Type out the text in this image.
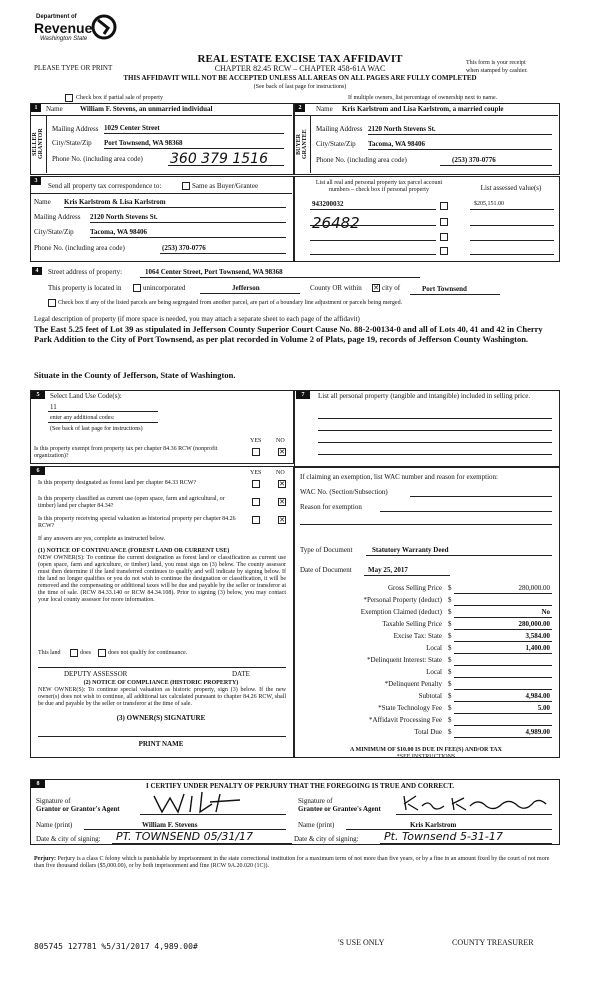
Department of
Revenue
Washington State
PLEASE TYPE OR PRINT
REAL ESTATE EXCISE TAX AFFIDAVIT
CHAPTER 82.45 RCW – CHAPTER 458-61A WAC
THIS AFFIDAVIT WILL NOT BE ACCEPTED UNLESS ALL AREAS ON ALL PAGES ARE FULLY COMPLETED
(See back of last page for instructions)
This form is your receipt
when stamped by cashier.
Check box if partial sale of property	If multiple owners, list percentage of ownership next to name.
1	Name William F. Stevens, an unmarried individual
SELLER GRANTOR Mailing Address 1029 Center Street
City/State/Zip Port Townsend, WA 98368
Phone No. (including area code) 360 379 1516
2	Name Kris Karlstrom and Lisa Karlstrom, a married couple
BUYER GRANTEE
Mailing Address 2120 North Stevens St.
City/State/Zip Tacoma, WA 98406
Phone No. (including area code)	(253) 370-0776
3
Send all property tax correspondence to:	Same as Buyer/Grantee
Name Kris Karlstrom & Lisa Karlstrom
Mailing Address 2120 North Stevens St.
City/State/Zip Tacoma, WA 98406
Phone No. (including area code)	(253) 370-0776
List all real and personal property tax parcel account
numbers – check box if personal property	List assessed value(s)
943200032	$205,151.00
26482
4	Street address of property:	1064 Center Street, Port Townsend, WA 98368
This property is located in	unincorporated	Jefferson	County OR within ✕ city of	Port Townsend
Check box if any of the listed parcels are being segregated from another parcel, are part of a boundary line adjustment or parcels being merged.
Legal description of property (if more space is needed, you may attach a separate sheet to each page of the affidavit)
The East 5.25 feet of Lot 39 as stipulated in Jefferson County Superior Court Cause No. 88-2-00134-0 and all of Lots 40, 41 and 42 in Cherry Park Addition to the City of Port Townsend, as per plat recorded in Volume 2 of Plats, page 19, records of Jefferson County Washington.
Situate in the County of Jefferson, State of Washington.
5	Select Land Use Code(s):
11
enter any additional codes:
(See back of last page for instructions)
YES NO
Is this property exempt from property tax per chapter 84.36 RCW (nonprofit organization)?	✕
7	List all personal property (tangible and intangible) included in selling price.
6	YES NO
Is this property designated as forest land per chapter 84.33 RCW?	✕
Is this property classified as current use (open space, farm and agricultural, or timber) land per chapter 84.34?	✕
Is this property receiving special valuation as historical property per chapter 84.26 RCW?
✕
If any answers are yes, complete as instructed below.
(1) NOTICE OF CONTINUANCE (FOREST LAND OR CURRENT USE)
NEW OWNER(S): To continue the current designation as forest land or classification as current use (open space, farm and agriculture, or timber) land, you must sign on (3) below. The county assessor must then determine if the land transferred continues to qualify and will indicate by signing below. If the land no longer qualifies or you do not wish to continue the designation or classification, it will be removed and the compensating or additional taxes will be due and payable by the seller or transferor at the time of sale. (RCW 84.33.140 or RCW 84.34.108). Prior to signing (3) below, you may contact your local county assessor for more information.
This land	does	does not qualify for continuance.
DEPUTY ASSESSOR	DATE
(2) NOTICE OF COMPLIANCE (HISTORIC PROPERTY)
NEW OWNER(S): To continue special valuation as historic property, sign (3) below. If the new owner(s) does not wish to continue, all additional tax calculated pursuant to chapter 84.26 RCW, shall be due and payable by the seller or transferor at the time of sale.
(3) OWNER(S) SIGNATURE
PRINT NAME
If claiming an exemption, list WAC number and reason for exemption:
WAC No. (Section/Subsection)
Reason for exemption
Type of Document	Statutory Warranty Deed
Date of Document May 25, 2017
Gross Selling Price $	280,000.00
*Personal Property (deduct) $
Exemption Claimed (deduct) $	No
Taxable Selling Price $	280,000.00
Excise Tax: State $	3,584.00
Local $	1,400.00
*Delinquent Interest: State $
Local $
*Delinquent Penalty $
Subtotal $	4,984.00
*State Technology Fee $	5.00
*Affidavit Processing Fee $
Total Due $	4,989.00
A MINIMUM OF $10.00 IS DUE IN FEE(S) AND/OR TAX
*SEE INSTRUCTIONS
8	I CERTIFY UNDER PENALTY OF PERJURY THAT THE FOREGOING IS TRUE AND CORRECT.
Signature of
Grantor or Grantor's Agent
Signature of
Grantee or Grantee's Agent
Name (print)	William F. Stevens	Name (print)	Kris Karlstrom
Date & city of signing: PT. TOWNSEND 05/31/17	Date & city of signing: Pt. Townsend 5-31-17
Perjury: Perjury is a class C felony which is punishable by imprisonment in the state correctional institution for a maximum term of not more than five years, or by a fine in an amount fixed by the court of not more than five thousand dollars ($5,000.00), or by both imprisonment and fine (RCW 9A.20.020 (1C)).
805745 127781 %5/31/2017 4,989.00#	'S USE ONLY	COUNTY TREASURER
